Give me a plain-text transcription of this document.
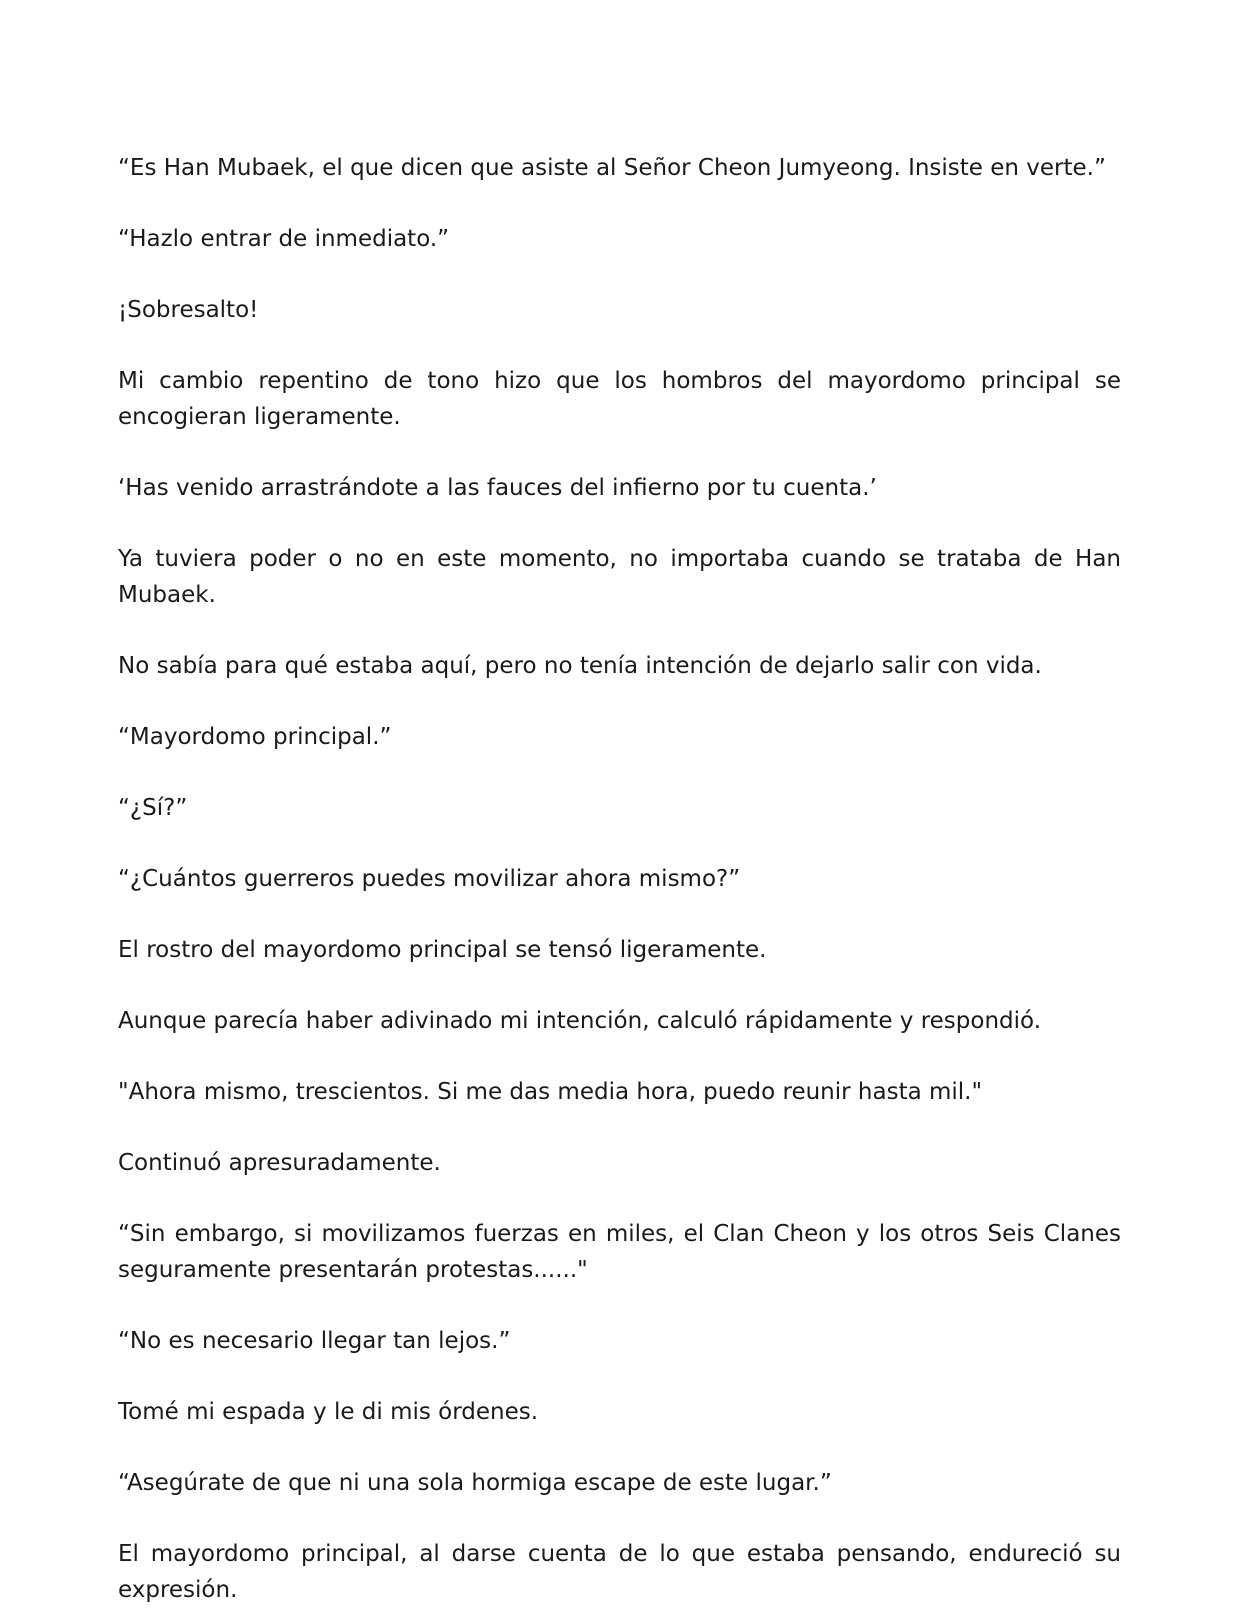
“Es Han Mubaek, el que dicen que asiste al Señor Cheon Jumyeong. Insiste en verte.”

“Hazlo entrar de inmediato.”

¡Sobresalto!

Mi cambio repentino de tono hizo que los hombros del mayordomo principal se encogieran ligeramente.

‘Has venido arrastrándote a las fauces del infierno por tu cuenta.’

Ya tuviera poder o no en este momento, no importaba cuando se trataba de Han Mubaek.

No sabía para qué estaba aquí, pero no tenía intención de dejarlo salir con vida.

“Mayordomo principal.”

“¿Sí?”

“¿Cuántos guerreros puedes movilizar ahora mismo?”

El rostro del mayordomo principal se tensó ligeramente.

Aunque parecía haber adivinado mi intención, calculó rápidamente y respondió.

"Ahora mismo, trescientos. Si me das media hora, puedo reunir hasta mil."

Continuó apresuradamente.

“Sin embargo, si movilizamos fuerzas en miles, el Clan Cheon y los otros Seis Clanes seguramente presentarán protestas......"

“No es necesario llegar tan lejos.”

Tomé mi espada y le di mis órdenes.

“Asegúrate de que ni una sola hormiga escape de este lugar.”

El mayordomo principal, al darse cuenta de lo que estaba pensando, endureció su expresión.
